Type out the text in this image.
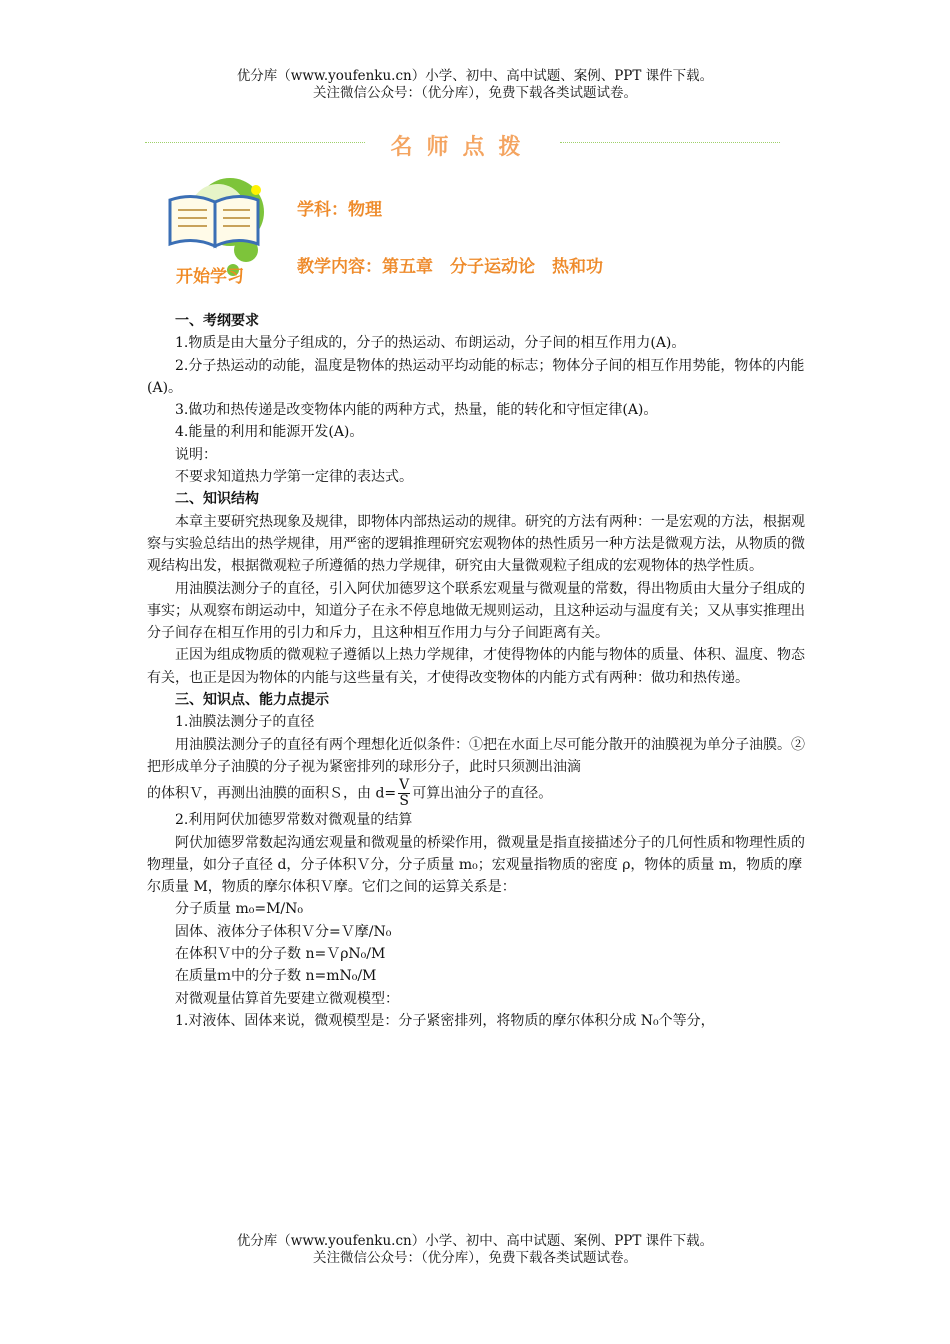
优分库（www.youfenku.cn）小学、初中、高中试题、案例、PPT 课件下载。
关注微信公众号：（优分库），免费下载各类试题试卷。
名师点拨
开始学习
学科：物理
教学内容：第五章　分子运动论　热和功

一、考纲要求

1.物质是由大量分子组成的，分子的热运动、布朗运动，分子间的相互作用力(A)。

2.分子热运动的动能，温度是物体的热运动平均动能的标志；物体分子间的相互作用势能，物体的内能(A)。

3.做功和热传递是改变物体内能的两种方式，热量，能的转化和守恒定律(A)。

4.能量的利用和能源开发(A)。

说明：

不要求知道热力学第一定律的表达式。

二、知识结构

本章主要研究热现象及规律，即物体内部热运动的规律。研究的方法有两种：一是宏观的方法，根据观察与实验总结出的热学规律，用严密的逻辑推理研究宏观物体的热性质另一种方法是微观方法，从物质的微观结构出发，根据微观粒子所遵循的热力学规律，研究由大量微观粒子组成的宏观物体的热学性质。

用油膜法测分子的直径，引入阿伏加德罗这个联系宏观量与微观量的常数，得出物质由大量分子组成的事实；从观察布朗运动中，知道分子在永不停息地做无规则运动，且这种运动与温度有关；又从事实推理出分子间存在相互作用的引力和斥力，且这种相互作用力与分子间距离有关。

正因为组成物质的微观粒子遵循以上热力学规律，才使得物体的内能与物体的质量、体积、温度、物态有关，也正是因为物体的内能与这些量有关，才使得改变物体的内能方式有两种：做功和热传递。

三、知识点、能力点提示

1.油膜法测分子的直径

用油膜法测分子的直径有两个理想化近似条件：①把在水面上尽可能分散开的油膜视为单分子油膜。②把形成单分子油膜的分子视为紧密排列的球形分子，此时只须测出油滴

的体积Ｖ，再测出油膜的面积Ｓ，由 $d= \frac{V}{S}$ 可算出油分子的直径。

2.利用阿伏加德罗常数对微观量的结算

阿伏加德罗常数起沟通宏观量和微观量的桥梁作用，微观量是指直接描述分子的几何性质和物理性质的物理量，如分子直径 d，分子体积Ｖ分，分子质量 m₀；宏观量指物质的密度 ρ，物体的质量 m，物质的摩尔质量 M，物质的摩尔体积Ｖ摩。它们之间的运算关系是：

分子质量 m₀=M/N₀

固体、液体分子体积Ｖ分=Ｖ摩/N₀

在体积Ｖ中的分子数 n=ＶρN₀/M

在质量ｍ中的分子数 n=mN₀/M

对微观量估算首先要建立微观模型：

1.对液体、固体来说，微观模型是：分子紧密排列，将物质的摩尔体积分成 N₀个等分，

优分库（www.youfenku.cn）小学、初中、高中试题、案例、PPT 课件下载。
关注微信公众号：（优分库），免费下载各类试题试卷。
